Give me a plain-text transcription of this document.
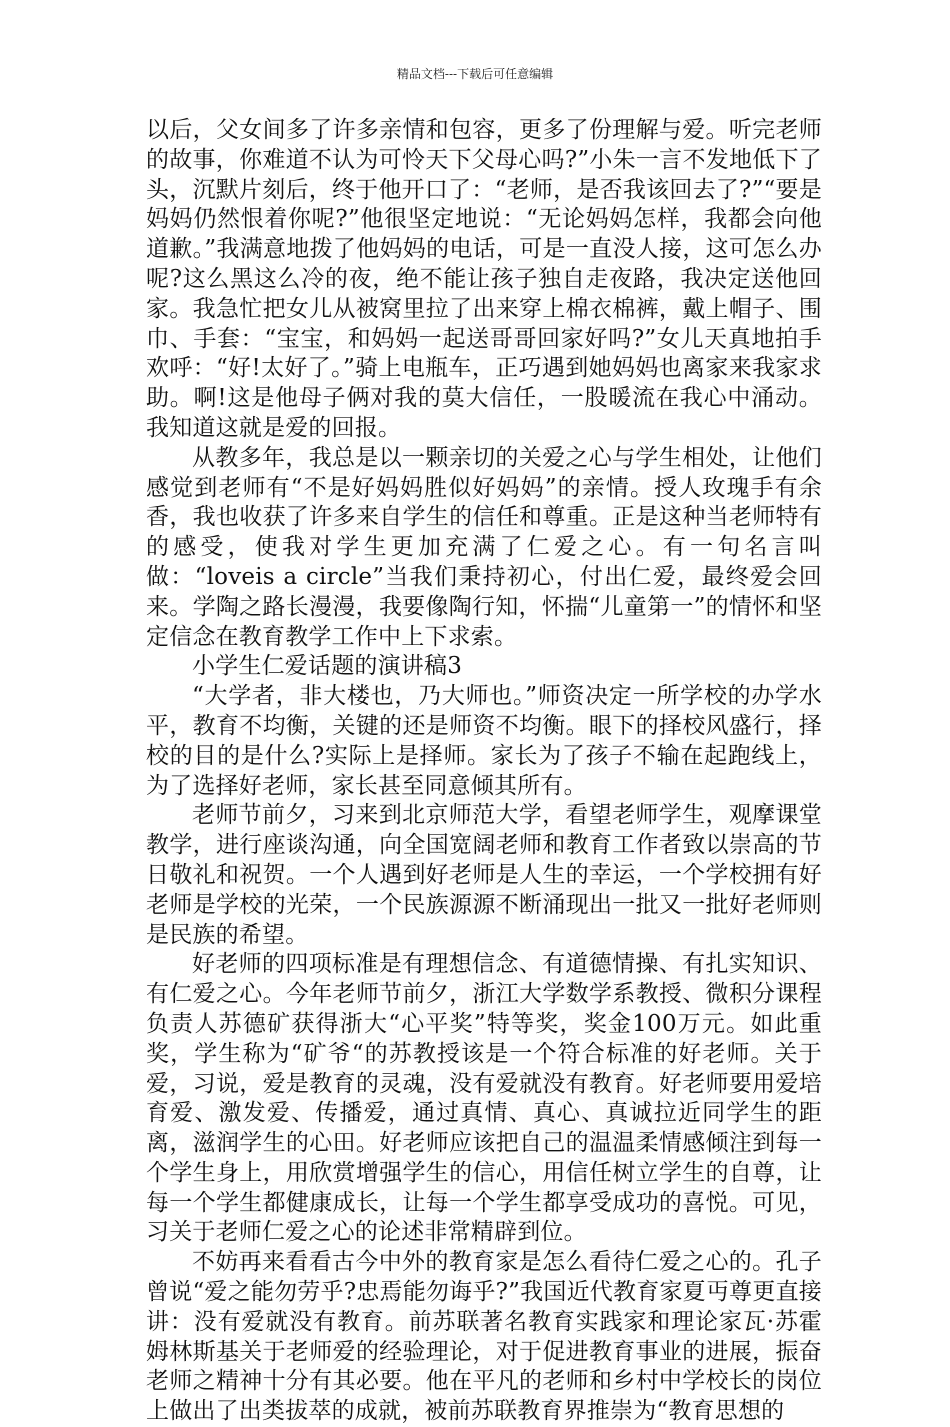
精品文档---下载后可任意编辑

以后，父女间多了许多亲情和包容，更多了份理解与爱。听完老师的故事，你难道不认为可怜天下父母心吗?”小朱一言不发地低下了头，沉默片刻后，终于他开口了：“老师，是否我该回去了?”“要是妈妈仍然恨着你呢?”他很坚定地说：“无论妈妈怎样，我都会向他道歉。”我满意地拨了他妈妈的电话，可是一直没人接，这可怎么办呢?这么黑这么冷的夜，绝不能让孩子独自走夜路，我决定送他回家。我急忙把女儿从被窝里拉了出来穿上棉衣棉裤，戴上帽子、围巾、手套：“宝宝，和妈妈一起送哥哥回家好吗?”女儿天真地拍手欢呼：“好!太好了。”骑上电瓶车，正巧遇到她妈妈也离家来我家求助。啊!这是他母子俩对我的莫大信任，一股暖流在我心中涌动。我知道这就是爱的回报。

从教多年，我总是以一颗亲切的关爱之心与学生相处，让他们感觉到老师有“不是好妈妈胜似好妈妈”的亲情。授人玫瑰手有余香，我也收获了许多来自学生的信任和尊重。正是这种当老师特有的感受，使我对学生更加充满了仁爱之心。有一句名言叫做：“loveis a circle”当我们秉持初心，付出仁爱，最终爱会回来。学陶之路长漫漫，我要像陶行知，怀揣“儿童第一”的情怀和坚定信念在教育教学工作中上下求索。

小学生仁爱话题的演讲稿3

“大学者，非大楼也，乃大师也。”师资决定一所学校的办学水平，教育不均衡，关键的还是师资不均衡。眼下的择校风盛行，择校的目的是什么?实际上是择师。家长为了孩子不输在起跑线上，为了选择好老师，家长甚至同意倾其所有。

老师节前夕，习来到北京师范大学，看望老师学生，观摩课堂教学，进行座谈沟通，向全国宽阔老师和教育工作者致以崇高的节日敬礼和祝贺。一个人遇到好老师是人生的幸运，一个学校拥有好老师是学校的光荣，一个民族源源不断涌现出一批又一批好老师则是民族的希望。

好老师的四项标准是有理想信念、有道德情操、有扎实知识、有仁爱之心。今年老师节前夕，浙江大学数学系教授、微积分课程负责人苏德矿获得浙大“心平奖”特等奖，奖金100万元。如此重奖，学生称为“矿爷“的苏教授该是一个符合标准的好老师。关于爱，习说，爱是教育的灵魂，没有爱就没有教育。好老师要用爱培育爱、激发爱、传播爱，通过真情、真心、真诚拉近同学生的距离，滋润学生的心田。好老师应该把自己的温温柔情感倾注到每一个学生身上，用欣赏增强学生的信心，用信任树立学生的自尊，让每一个学生都健康成长，让每一个学生都享受成功的喜悦。可见，习关于老师仁爱之心的论述非常精辟到位。

不妨再来看看古今中外的教育家是怎么看待仁爱之心的。孔子曾说“爱之能勿劳乎?忠焉能勿诲乎?”我国近代教育家夏丏尊更直接讲：没有爱就没有教育。前苏联著名教育实践家和理论家瓦·苏霍姆林斯基关于老师爱的经验理论，对于促进教育事业的进展，振奋老师之精神十分有其必要。他在平凡的老师和乡村中学校长的岗位上做出了出类拔萃的成就，被前苏联教育界推崇为“教育思想的
